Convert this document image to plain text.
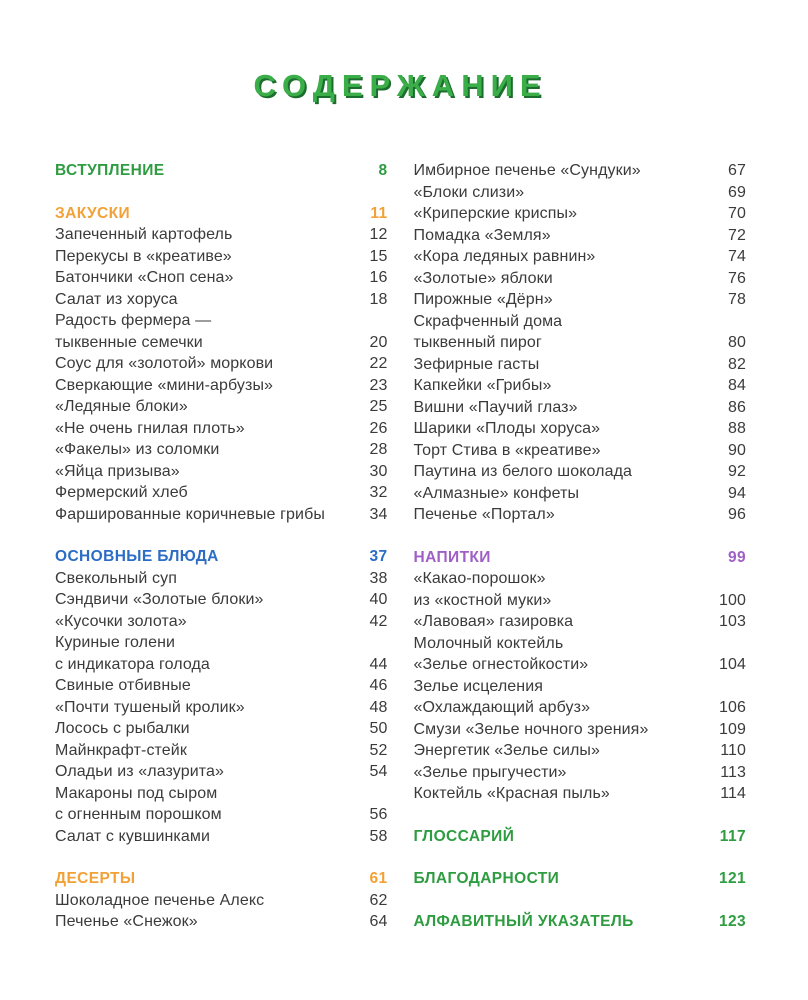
СОДЕРЖАНИЕ
ВСТУПЛЕНИЕ	8
ЗАКУСКИ	11
Запеченный картофель	12
Перекусы в «креативе»	15
Батончики «Сноп сена»	16
Салат из хоруса	18
Радость фермера —
тыквенные семечки	20
Соус для «золотой» моркови	22
Сверкающие «мини-арбузы»	23
«Ледяные блоки»	25
«Не очень гнилая плоть»	26
«Факелы» из соломки	28
«Яйца призыва»	30
Фермерский хлеб	32
Фаршированные коричневые грибы	34
ОСНОВНЫЕ БЛЮДА	37
Свекольный суп	38
Сэндвичи «Золотые блоки»	40
«Кусочки золота»	42
Куриные голени
с индикатора голода	44
Свиные отбивные	46
«Почти тушеный кролик»	48
Лосось с рыбалки	50
Майнкрафт-стейк	52
Оладьи из «лазурита»	54
Макароны под сыром
с огненным порошком	56
Салат с кувшинками	58
ДЕСЕРТЫ	61
Шоколадное печенье Алекс	62
Печенье «Снежок»	64
Имбирное печенье «Сундуки»	67
«Блоки слизи»	69
«Криперские криспы»	70
Помадка «Земля»	72
«Кора ледяных равнин»	74
«Золотые» яблоки	76
Пирожные «Дёрн»	78
Скрафченный дома
тыквенный пирог	80
Зефирные гасты	82
Капкейки «Грибы»	84
Вишни «Паучий глаз»	86
Шарики «Плоды хоруса»	88
Торт Стива в «креативе»	90
Паутина из белого шоколада	92
«Алмазные» конфеты	94
Печенье «Портал»	96
НАПИТКИ	99
«Какао-порошок»
из «костной муки»	100
«Лавовая» газировка	103
Молочный коктейль
«Зелье огнестойкости»	104
Зелье исцеления
«Охлаждающий арбуз»	106
Смузи «Зелье ночного зрения»	109
Энергетик «Зелье силы»	110
«Зелье прыгучести»	113
Коктейль «Красная пыль»	114
ГЛОССАРИЙ	117
БЛАГОДАРНОСТИ	121
АЛФАВИТНЫЙ УКАЗАТЕЛЬ	123
